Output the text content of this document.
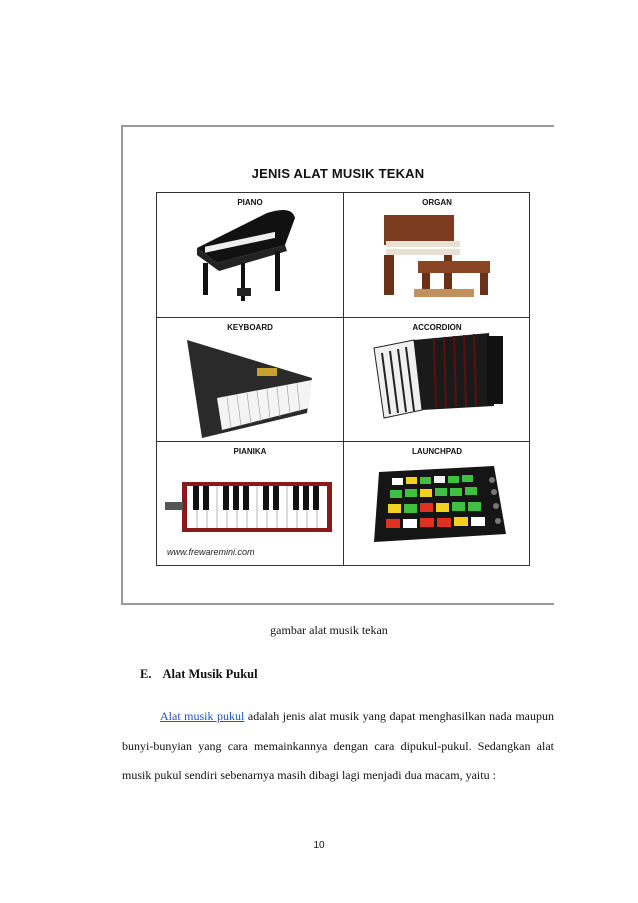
JENIS ALAT MUSIK TEKAN
PIANO	ORGAN
KEYBOARD	ACCORDION
PIANIKA
www.frewaremini.com
LAUNCHPAD
gambar alat musik tekan
E. Alat Musik Pukul
Alat musik pukul adalah jenis alat musik yang dapat menghasilkan nada maupun bunyi-bunyian yang cara memainkannya dengan cara dipukul-pukul. Sedangkan alat musik pukul sendiri sebenarnya masih dibagi lagi menjadi dua macam, yaitu :
10
